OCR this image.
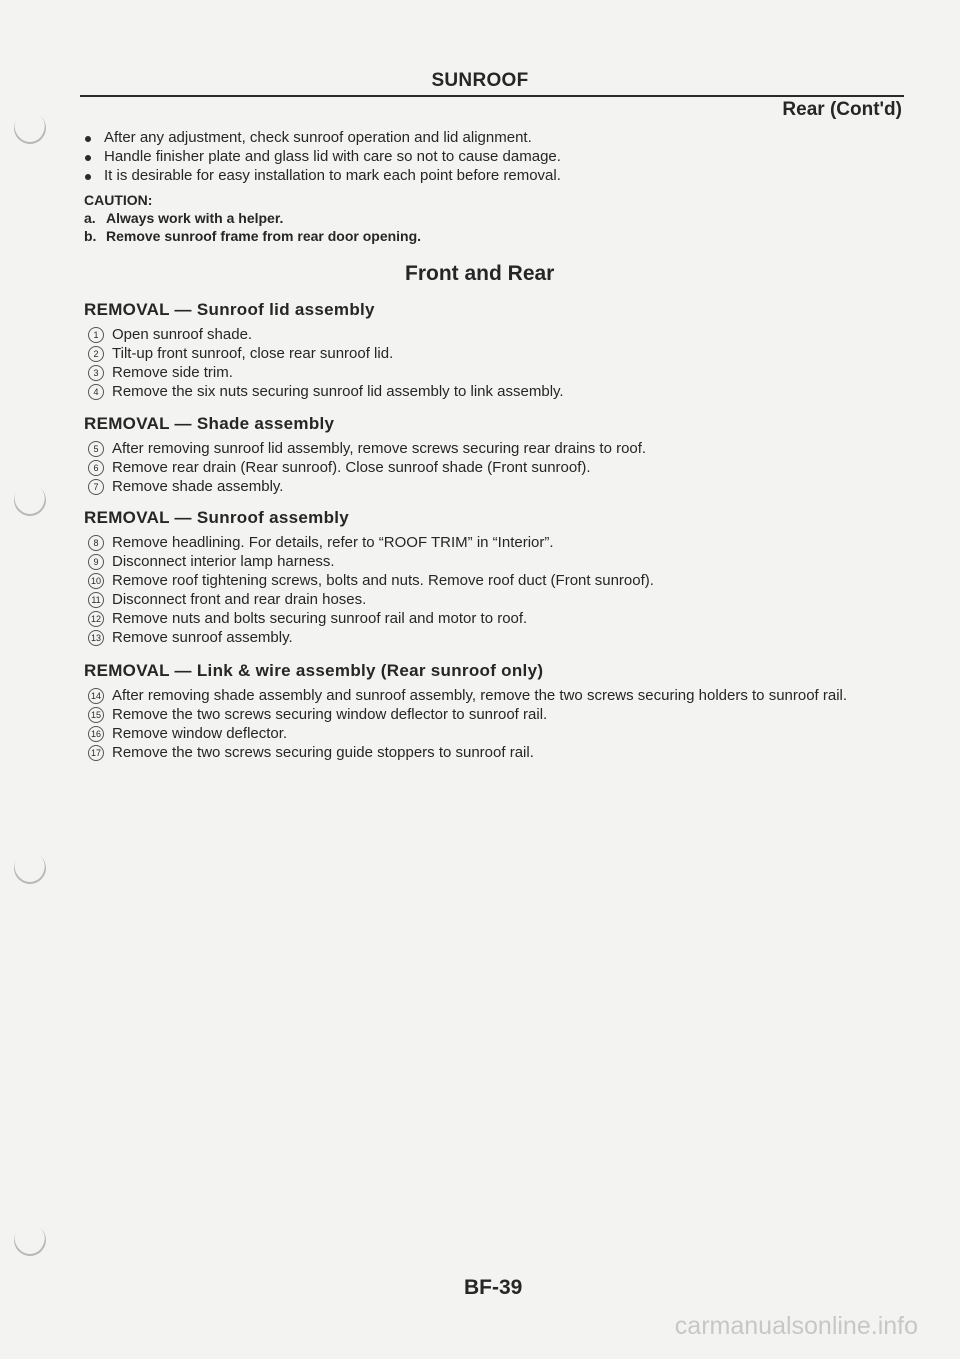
SUNROOF
Rear (Cont'd)
After any adjustment, check sunroof operation and lid alignment.
Handle finisher plate and glass lid with care so not to cause damage.
It is desirable for easy installation to mark each point before removal.
CAUTION:
a. Always work with a helper.
b. Remove sunroof frame from rear door opening.
Front and Rear
REMOVAL — Sunroof lid assembly
1 Open sunroof shade.
2 Tilt-up front sunroof, close rear sunroof lid.
3 Remove side trim.
4 Remove the six nuts securing sunroof lid assembly to link assembly.
REMOVAL — Shade assembly
5 After removing sunroof lid assembly, remove screws securing rear drains to roof.
6 Remove rear drain (Rear sunroof). Close sunroof shade (Front sunroof).
7 Remove shade assembly.
REMOVAL — Sunroof assembly
8 Remove headlining. For details, refer to “ROOF TRIM” in “Interior”.
9 Disconnect interior lamp harness.
10 Remove roof tightening screws, bolts and nuts. Remove roof duct (Front sunroof).
11 Disconnect front and rear drain hoses.
12 Remove nuts and bolts securing sunroof rail and motor to roof.
13 Remove sunroof assembly.
REMOVAL — Link & wire assembly (Rear sunroof only)
14 After removing shade assembly and sunroof assembly, remove the two screws securing holders to sunroof rail.
15 Remove the two screws securing window deflector to sunroof rail.
16 Remove window deflector.
17 Remove the two screws securing guide stoppers to sunroof rail.
BF-39
carmanualsonline.info
